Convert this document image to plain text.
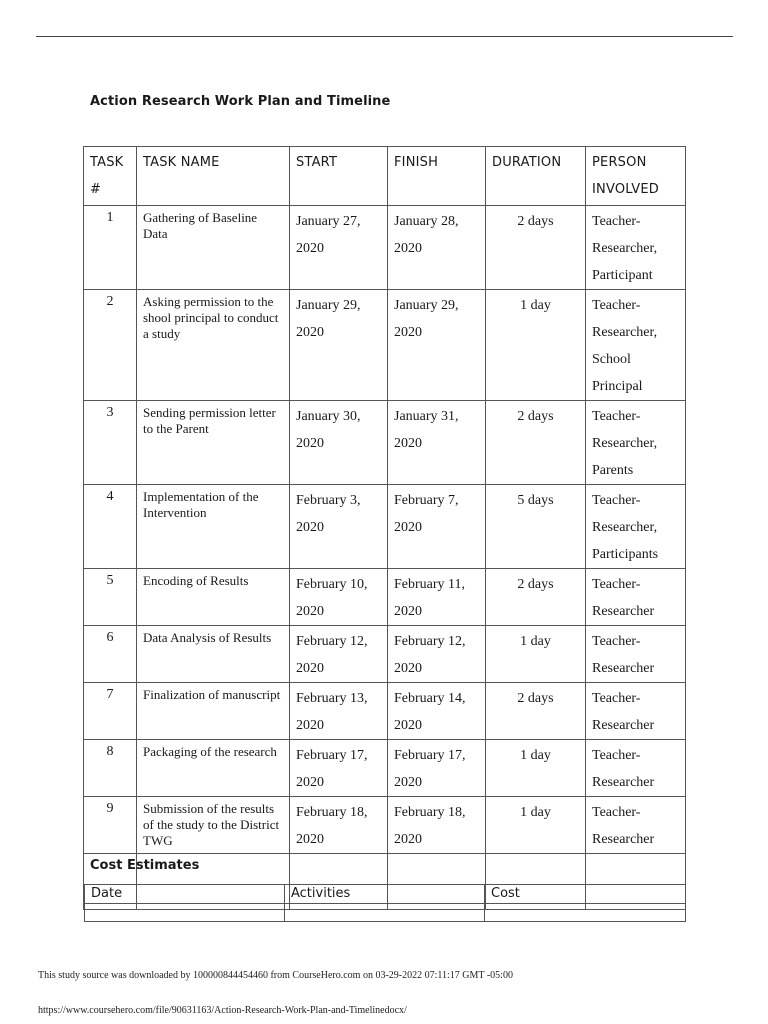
Action Research Work Plan and Timeline
TASK #	TASK NAME	START	FINISH	DURATION	PERSON INVOLVED
1	Gathering of Baseline Data	January 27, 2020	January 28, 2020	2 days	Teacher-Researcher, Participant
2	Asking permission to the shool principal to conduct a study	January 29, 2020	January 29, 2020	1 day	Teacher-Researcher, School Principal
3	Sending permission letter to the Parent	January 30, 2020	January 31, 2020	2 days	Teacher-Researcher, Parents
4	Implementation of the Intervention	February 3, 2020	February 7, 2020	5 days	Teacher-Researcher, Participants
5	Encoding of Results	February 10, 2020	February 11, 2020	2 days	Teacher-Researcher
6	Data Analysis of Results	February 12, 2020	February 12, 2020	1 day	Teacher-Researcher
7	Finalization of manuscript	February 13, 2020	February 14, 2020	2 days	Teacher-Researcher
8	Packaging of the research	February 17, 2020	February 17, 2020	1 day	Teacher-Researcher
9	Submission of the results of the study to the District TWG	February 18, 2020	February 18, 2020	1 day	Teacher-Researcher

Cost Estimates
Date	Activities	Cost

This study source was downloaded by 100000844454460 from CourseHero.com on 03-29-2022 07:11:17 GMT -05:00
https://www.coursehero.com/file/90631163/Action-Research-Work-Plan-and-Timelinedocx/
